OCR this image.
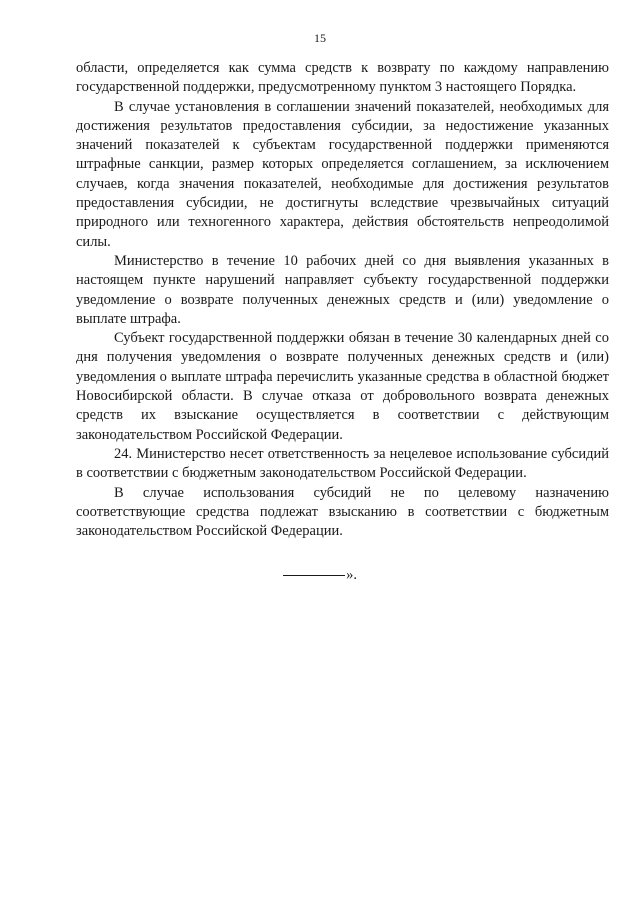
15

области, определяется как сумма средств к возврату по каждому направлению государственной поддержки, предусмотренному пунктом 3 настоящего Порядка.

В случае установления в соглашении значений показателей, необходимых для достижения результатов предоставления субсидии, за недостижение указанных значений показателей к субъектам государственной поддержки применяются штрафные санкции, размер которых определяется соглашением, за исключением случаев, когда значения показателей, необходимые для достижения результатов предоставления субсидии, не достигнуты вследствие чрезвычайных ситуаций природного или техногенного характера, действия обстоятельств непреодолимой силы.

Министерство в течение 10 рабочих дней со дня выявления указанных в настоящем пункте нарушений направляет субъекту государственной поддержки уведомление о возврате полученных денежных средств и (или) уведомление о выплате штрафа.

Субъект государственной поддержки обязан в течение 30 календарных дней со дня получения уведомления о возврате полученных денежных средств и (или) уведомления о выплате штрафа перечислить указанные средства в областной бюджет Новосибирской области. В случае отказа от добровольного возврата денежных средств их взыскание осуществляется в соответствии с действующим законодательством Российской Федерации.

24. Министерство несет ответственность за нецелевое использование субсидий в соответствии с бюджетным законодательством Российской Федерации.

В случае использования субсидий не по целевому назначению соответствующие средства подлежат взысканию в соответствии с бюджетным законодательством Российской Федерации.

».
